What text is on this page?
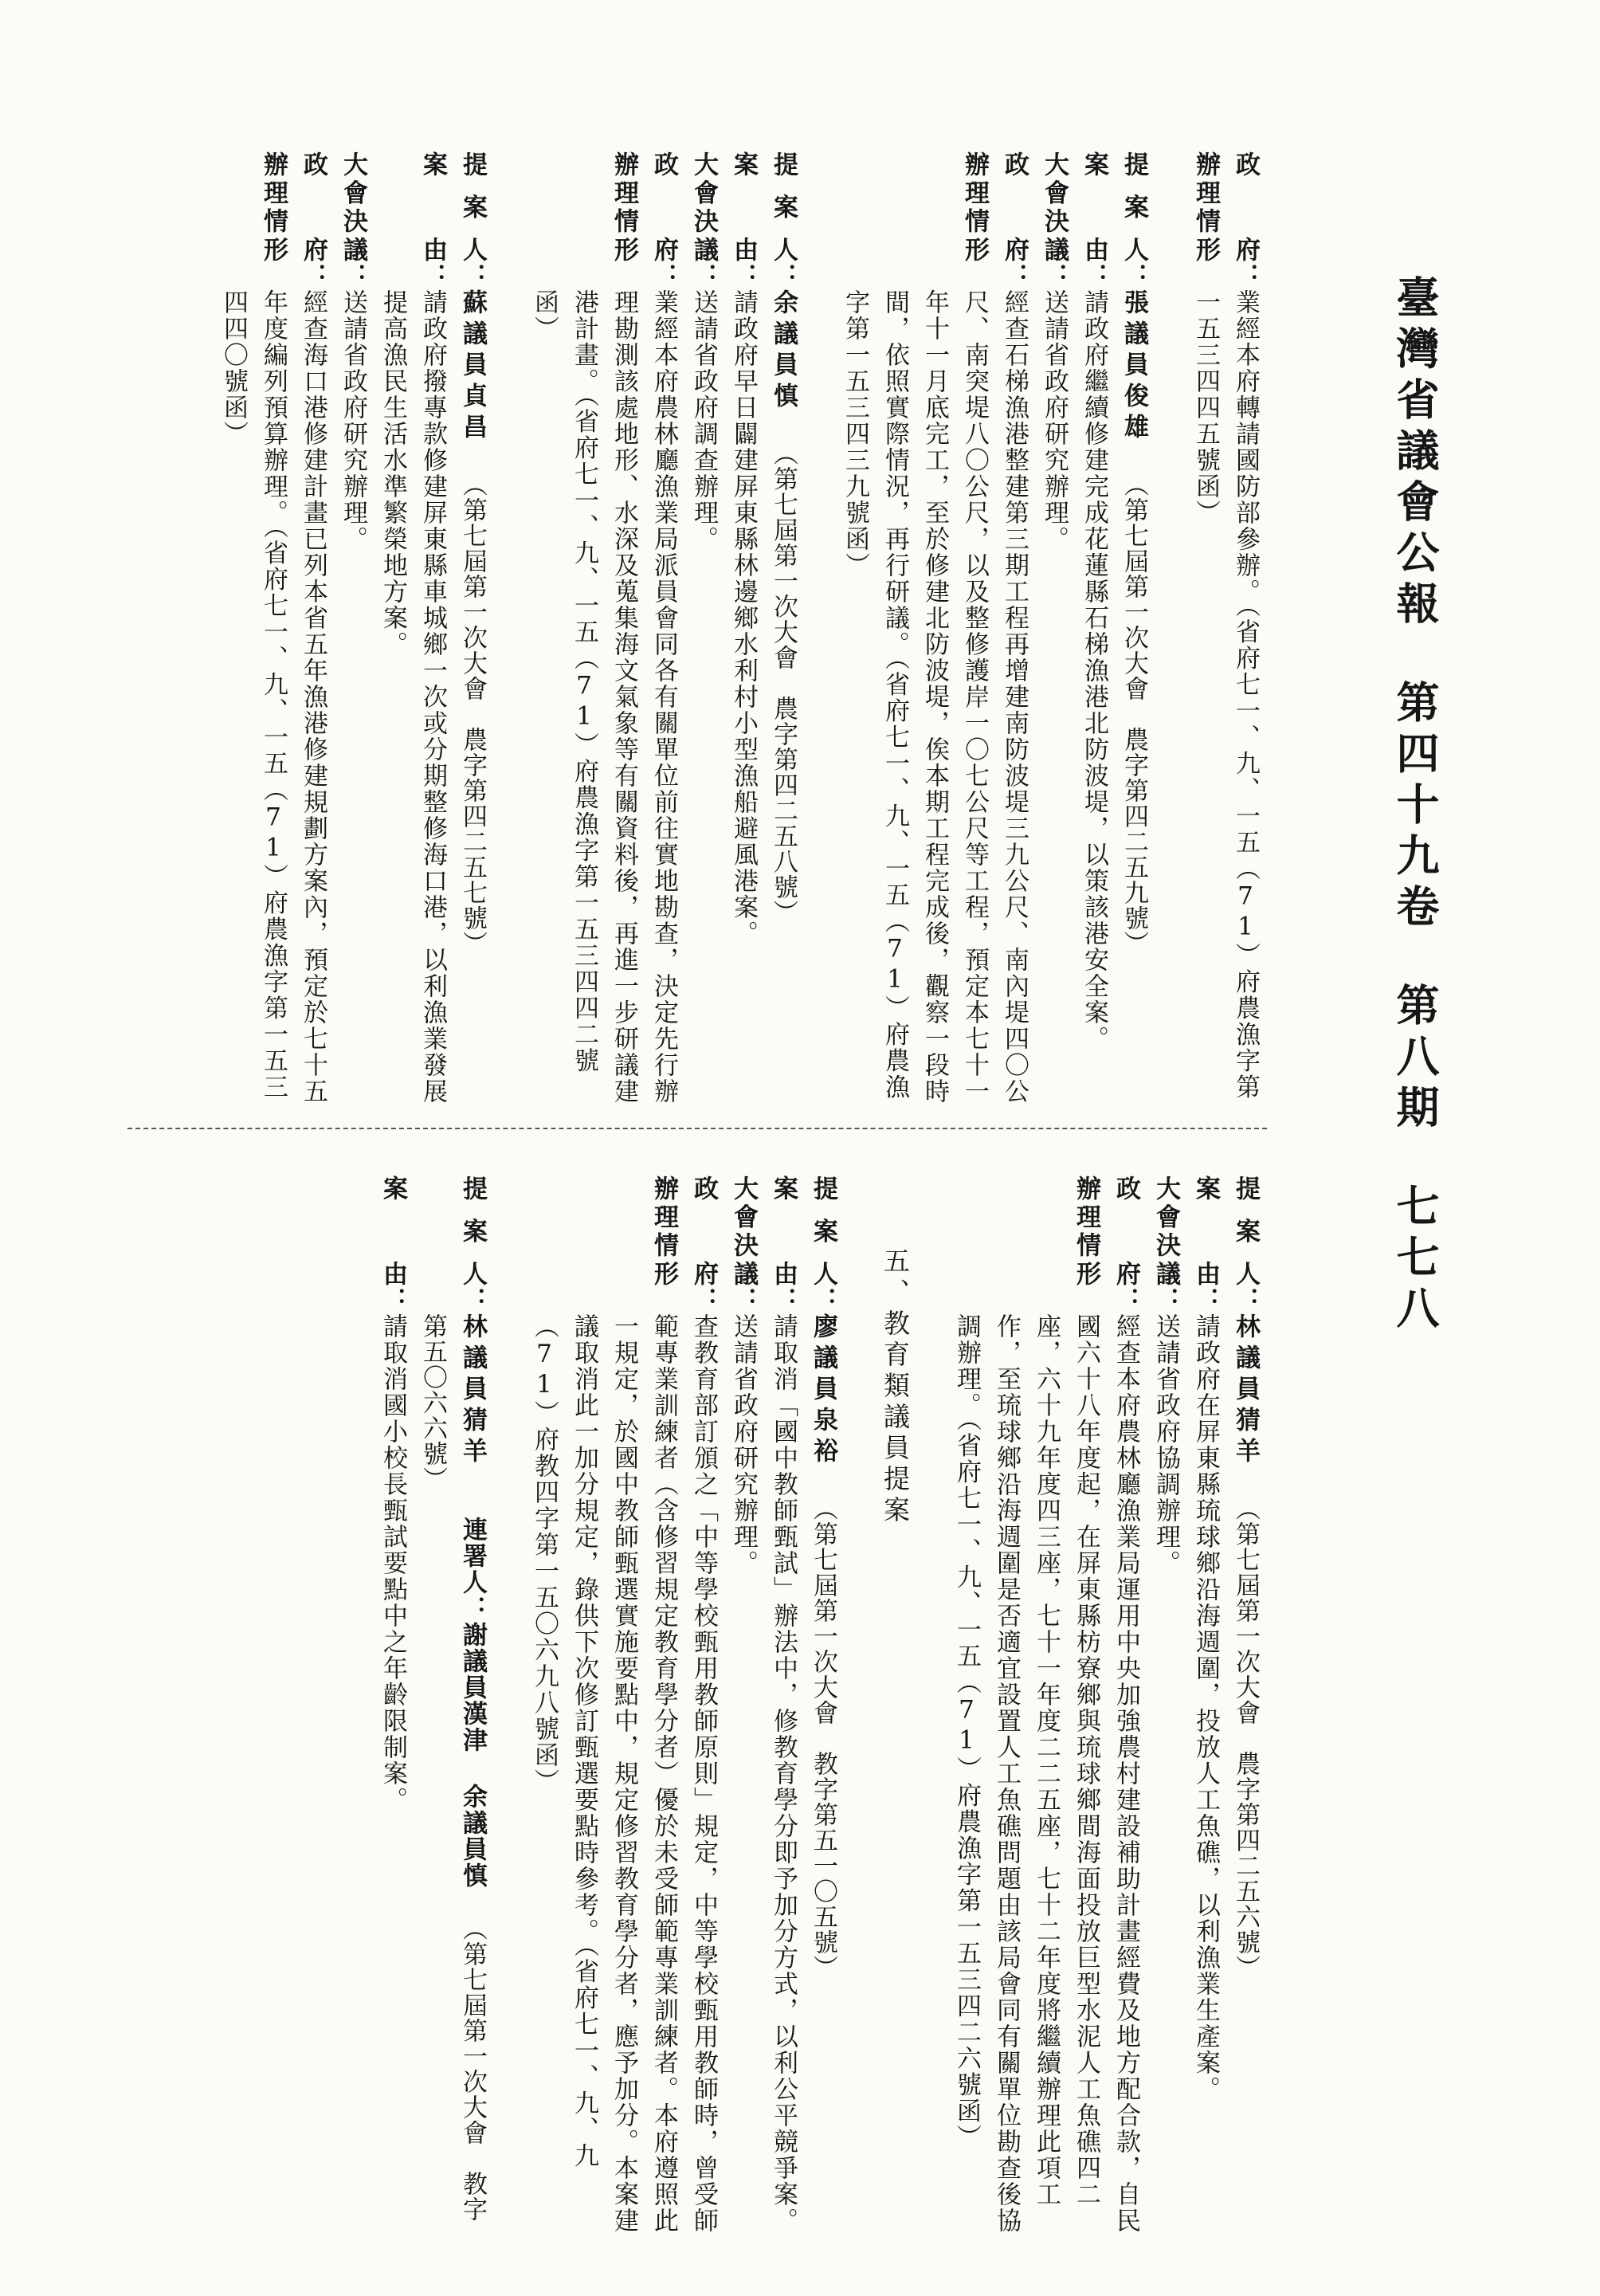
臺灣省議會公報第四十九卷第八期七七八
政府
辦理情形
：
業經本府轉請國防部參辦。（省府七一、九、一五（71）府農漁字第一五三四四五號函）
提案人
：
張議員俊雄（第七屆第一次大會　農字第四二五九號）
案由
：
請政府繼續修建完成花蓮縣石梯漁港北防波堤，以策該港安全案。
大會決議
：
送請省政府研究辦理。
政府
辦理情形
：
經查石梯漁港整建第三期工程再增建南防波堤三九公尺、南內堤四〇公尺、南突堤八〇公尺，以及整修護岸一〇七公尺等工程，預定本七十一年十一月底完工，至於修建北防波堤，俟本期工程完成後，觀察一段時間，依照實際情況，再行研議。（省府七一、九、一五（71）府農漁字第一五三四三九號函）
提案人
：
余議員慎（第七屆第一次大會　農字第四二五八號）
案由
：
請政府早日闢建屏東縣林邊鄉水利村小型漁船避風港案。
大會決議
：
送請省政府調查辦理。
政府
辦理情形
：
業經本府農林廳漁業局派員會同各有關單位前往實地勘查，決定先行辦理勘測該處地形、水深及蒐集海文氣象等有關資料後，再進一步研議建港計畫。（省府七一、九、一五（71）府農漁字第一五三四四二號函）
提案人
：
蘇議員貞昌（第七屆第一次大會　農字第四二五七號）
案由
：
請政府撥專款修建屏東縣車城鄉一次或分期整修海口港，以利漁業發展提高漁民生活水準繁榮地方案。
大會決議
：
送請省政府研究辦理。
政府
辦理情形
：
經查海口港修建計畫已列本省五年漁港修建規劃方案內，預定於七十五年度編列預算辦理。（省府七一、九、一五（71）府農漁字第一五三四四〇號函）
提案人
：
林議員猜羊（第七屆第一次大會　農字第四二五六號）
案由
：
請政府在屏東縣琉球鄉沿海週圍，投放人工魚礁，以利漁業生產案。
大會決議
：
送請省政府協調辦理。
政府
辦理情形
：
經查本府農林廳漁業局運用中央加強農村建設補助計畫經費及地方配合款，自民國六十八年度起，在屏東縣枋寮鄉與琉球鄉間海面投放巨型水泥人工魚礁四二座，六十九年度四三座，七十一年度二二五座，七十二年度將繼續辦理此項工作，至琉球鄉沿海週圍是否適宜設置人工魚礁問題由該局會同有關單位勘查後協調辦理。（省府七一、九、一五（71）府農漁字第一五三四二六號函）
五、教育類議員提案
提案人
：
廖議員泉裕（第七屆第一次大會　教字第五一〇五號）
案由
：
請取消「國中教師甄試」辦法中，修教育學分即予加分方式，以利公平競爭案。
大會決議
：
送請省政府研究辦理。
政府
辦理情形
：
查教育部訂頒之「中等學校甄用教師原則」規定，中等學校甄用教師時，曾受師範專業訓練者（含修習規定教育學分者）優於未受師範專業訓練者。本府遵照此一規定，於國中教師甄選實施要點中，規定修習教育學分者，應予加分。本案建議取消此一加分規定，錄供下次修訂甄選要點時參考。（省府七一、九、九（71）府教四字第一五〇六九八號函）
提案人
：
林議員猜羊連署人：謝議員漢津 余議員慎（第七屆第一次大會　教字第五〇六六號）
案由
：
請取消國小校長甄試要點中之年齡限制案。
